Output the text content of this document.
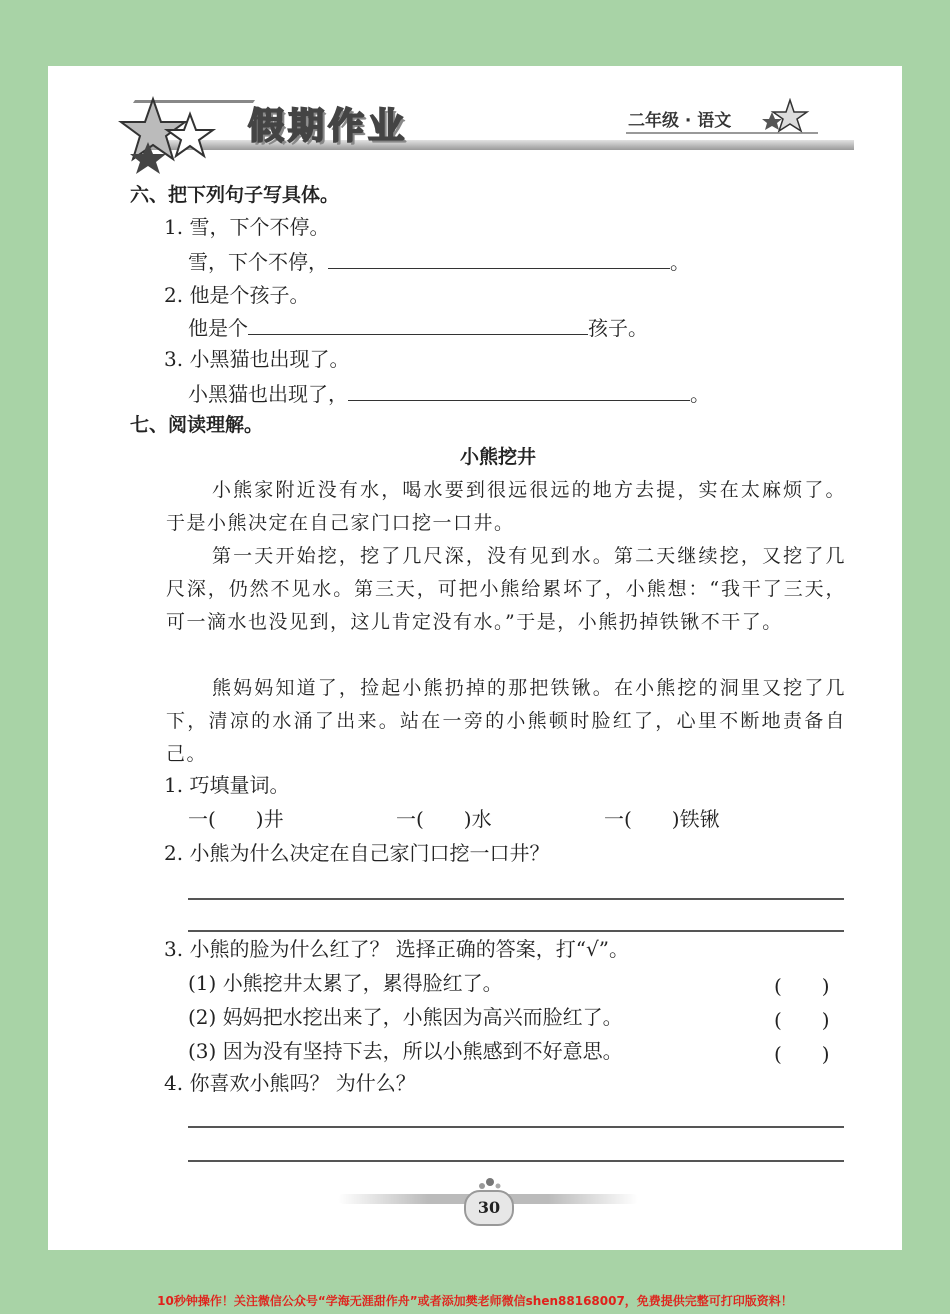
假期作业	二年级 · 语文
六、把下列句子写具体。
1. 雪，下个不停。
雪，下个不停，	。
2. 他是个孩子。
他是个	孩子。
3. 小黑猫也出现了。
小黑猫也出现了，	。
七、阅读理解。
小熊挖井
小熊家附近没有水，喝水要到很远很远的地方去提，实在太麻烦了。于是小熊决定在自己家门口挖一口井。
第一天开始挖，挖了几尺深，没有见到水。第二天继续挖，又挖了几尺深，仍然不见水。第三天，可把小熊给累坏了，小熊想：“我干了三天，可一滴水也没见到，这儿肯定没有水。”于是，小熊扔掉铁锹不干了。
熊妈妈知道了，捡起小熊扔掉的那把铁锹。在小熊挖的洞里又挖了几下，清凉的水涌了出来。站在一旁的小熊顿时脸红了，心里不断地责备自己。
1. 巧填量词。
一(　　)井	一(　　)水	一(　　)铁锹
2. 小熊为什么决定在自己家门口挖一口井？
3. 小熊的脸为什么红了？ 选择正确的答案，打“√”。
(1) 小熊挖井太累了，累得脸红了。	(　　)
(2) 妈妈把水挖出来了，小熊因为高兴而脸红了。	(　　)
(3) 因为没有坚持下去，所以小熊感到不好意思。	(　　)
4. 你喜欢小熊吗？ 为什么？
30
10秒钟操作！关注微信公众号“学海无涯甜作舟”或者添加樊老师微信shen88168007，免费提供完整可打印版资料！
